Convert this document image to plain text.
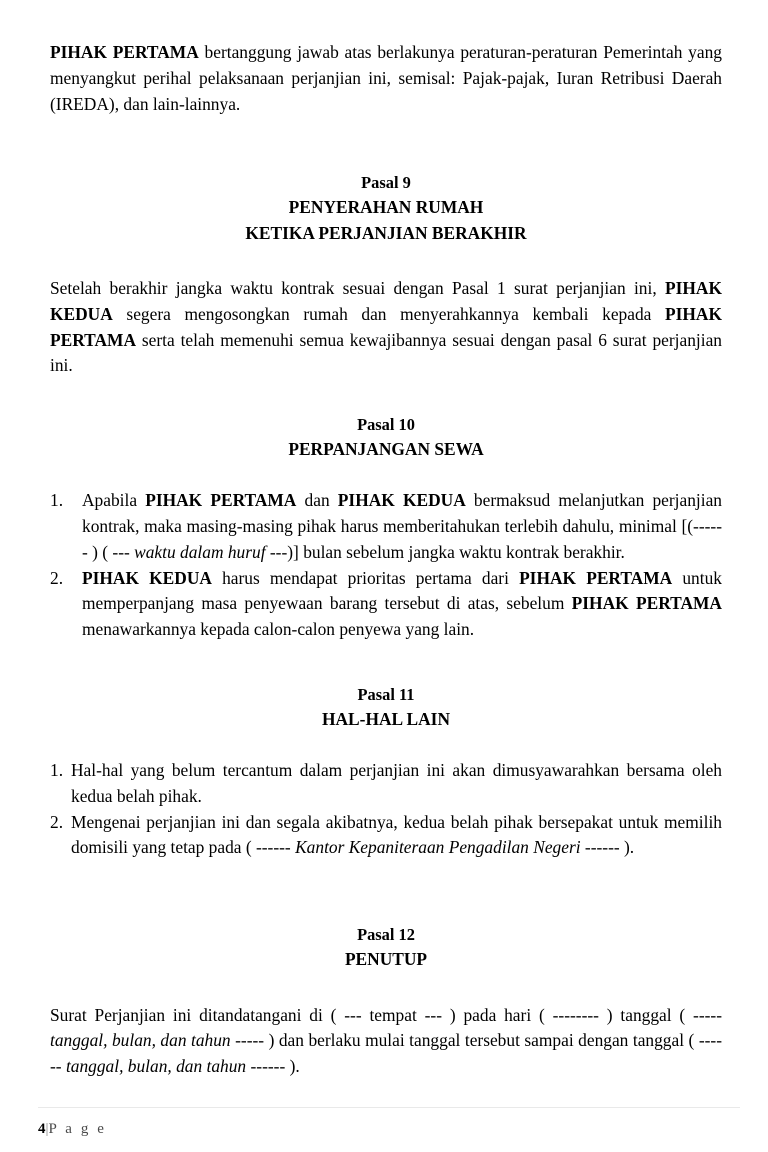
PIHAK PERTAMA bertanggung jawab atas berlakunya peraturan-peraturan Pemerintah yang menyangkut perihal pelaksanaan perjanjian ini, semisal: Pajak-pajak, Iuran Retribusi Daerah (IREDA), dan lain-lainnya.

Pasal 9
PENYERAHAN RUMAH
KETIKA PERJANJIAN BERAKHIR

Setelah berakhir jangka waktu kontrak sesuai dengan Pasal 1 surat perjanjian ini, PIHAK KEDUA segera mengosongkan rumah dan menyerahkannya kembali kepada PIHAK PERTAMA serta telah memenuhi semua kewajibannya sesuai dengan pasal 6 surat perjanjian ini.

Pasal 10
PERPANJANGAN SEWA
1.	Apabila PIHAK PERTAMA dan PIHAK KEDUA bermaksud melanjutkan perjanjian kontrak, maka masing-masing pihak harus memberitahukan terlebih dahulu, minimal [(------ ) ( --- waktu dalam huruf ---)] bulan sebelum jangka waktu kontrak berakhir.
2.	PIHAK KEDUA harus mendapat prioritas pertama dari PIHAK PERTAMA untuk memperpanjang masa penyewaan barang tersebut di atas, sebelum PIHAK PERTAMA menawarkannya kepada calon-calon penyewa yang lain.
Pasal 11
HAL-HAL LAIN
1. Hal-hal yang belum tercantum dalam perjanjian ini akan dimusyawarahkan bersama oleh kedua belah pihak.
2. Mengenai perjanjian ini dan segala akibatnya, kedua belah pihak bersepakat untuk memilih domisili yang tetap pada ( ------ Kantor Kepaniteraan Pengadilan Negeri ------ ).
Pasal 12
PENUTUP

Surat Perjanjian ini ditandatangani di ( --- tempat --- ) pada hari ( -------- ) tanggal ( ----- tanggal, bulan, dan tahun ----- ) dan berlaku mulai tanggal tersebut sampai dengan tanggal ( ------ tanggal, bulan, dan tahun ------ ).

4|P a g e
